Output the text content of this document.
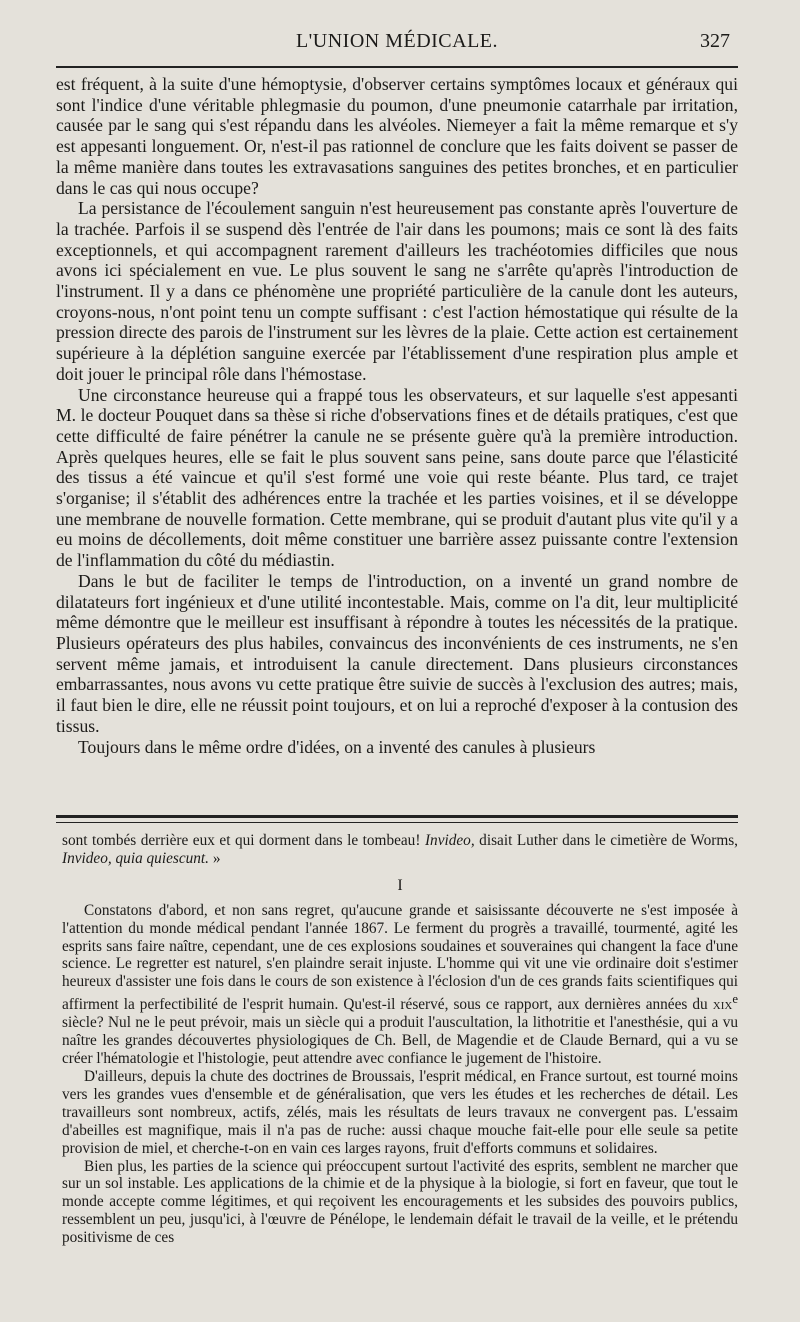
L'UNION MÉDICALE.	327

est fréquent, à la suite d'une hémoptysie, d'observer certains symptômes locaux et généraux qui sont l'indice d'une véritable phlegmasie du poumon, d'une pneumonie catarrhale par irritation, causée par le sang qui s'est répandu dans les alvéoles. Niemeyer a fait la même remarque et s'y est appesanti longuement. Or, n'est-il pas rationnel de conclure que les faits doivent se passer de la même manière dans toutes les extravasations sanguines des petites bronches, et en particulier dans le cas qui nous occupe?

La persistance de l'écoulement sanguin n'est heureusement pas constante après l'ouverture de la trachée. Parfois il se suspend dès l'entrée de l'air dans les poumons; mais ce sont là des faits exceptionnels, et qui accompagnent rarement d'ailleurs les trachéotomies difficiles que nous avons ici spécialement en vue. Le plus souvent le sang ne s'arrête qu'après l'introduction de l'instrument. Il y a dans ce phénomène une propriété particulière de la canule dont les auteurs, croyons-nous, n'ont point tenu un compte suffisant : c'est l'action hémostatique qui résulte de la pression directe des parois de l'instrument sur les lèvres de la plaie. Cette action est certainement supérieure à la déplétion sanguine exercée par l'établissement d'une respiration plus ample et doit jouer le principal rôle dans l'hémostase.

Une circonstance heureuse qui a frappé tous les observateurs, et sur laquelle s'est appesanti M. le docteur Pouquet dans sa thèse si riche d'observations fines et de détails pratiques, c'est que cette difficulté de faire pénétrer la canule ne se présente guère qu'à la première introduction. Après quelques heures, elle se fait le plus souvent sans peine, sans doute parce que l'élasticité des tissus a été vaincue et qu'il s'est formé une voie qui reste béante. Plus tard, ce trajet s'organise; il s'établit des adhérences entre la trachée et les parties voisines, et il se développe une membrane de nouvelle formation. Cette membrane, qui se produit d'autant plus vite qu'il y a eu moins de décollements, doit même constituer une barrière assez puissante contre l'extension de l'inflammation du côté du médiastin.

Dans le but de faciliter le temps de l'introduction, on a inventé un grand nombre de dilatateurs fort ingénieux et d'une utilité incontestable. Mais, comme on l'a dit, leur multiplicité même démontre que le meilleur est insuffisant à répondre à toutes les nécessités de la pratique. Plusieurs opérateurs des plus habiles, convaincus des inconvénients de ces instruments, ne s'en servent même jamais, et introduisent la canule directement. Dans plusieurs circonstances embarrassantes, nous avons vu cette pratique être suivie de succès à l'exclusion des autres; mais, il faut bien le dire, elle ne réussit point toujours, et on lui a reproché d'exposer à la contusion des tissus.

Toujours dans le même ordre d'idées, on a inventé des canules à plusieurs

sont tombés derrière eux et qui dorment dans le tombeau! Invideo, disait Luther dans le cimetière de Worms, Invideo, quia quiescunt. »

I

Constatons d'abord, et non sans regret, qu'aucune grande et saisissante découverte ne s'est imposée à l'attention du monde médical pendant l'année 1867. Le ferment du progrès a travaillé, tourmenté, agité les esprits sans faire naître, cependant, une de ces explosions soudaines et souveraines qui changent la face d'une science. Le regretter est naturel, s'en plaindre serait injuste. L'homme qui vit une vie ordinaire doit s'estimer heureux d'assister une fois dans le cours de son existence à l'éclosion d'un de ces grands faits scientifiques qui affirment la perfectibilité de l'esprit humain. Qu'est-il réservé, sous ce rapport, aux dernières années du xix$^e$ siècle? Nul ne le peut prévoir, mais un siècle qui a produit l'auscultation, la lithotritie et l'anesthésie, qui a vu naître les grandes découvertes physiologiques de Ch. Bell, de Magendie et de Claude Bernard, qui a vu se créer l'hématologie et l'histologie, peut attendre avec confiance le jugement de l'histoire.

D'ailleurs, depuis la chute des doctrines de Broussais, l'esprit médical, en France surtout, est tourné moins vers les grandes vues d'ensemble et de généralisation, que vers les études et les recherches de détail. Les travailleurs sont nombreux, actifs, zélés, mais les résultats de leurs travaux ne convergent pas. L'essaim d'abeilles est magnifique, mais il n'a pas de ruche: aussi chaque mouche fait-elle pour elle seule sa petite provision de miel, et cherche-t-on en vain ces larges rayons, fruit d'efforts communs et solidaires.

Bien plus, les parties de la science qui préoccupent surtout l'activité des esprits, semblent ne marcher que sur un sol instable. Les applications de la chimie et de la physique à la biologie, si fort en faveur, que tout le monde accepte comme légitimes, et qui reçoivent les encouragements et les subsides des pouvoirs publics, ressemblent un peu, jusqu'ici, à l'œuvre de Pénélope, le lendemain défait le travail de la veille, et le prétendu positivisme de ces
